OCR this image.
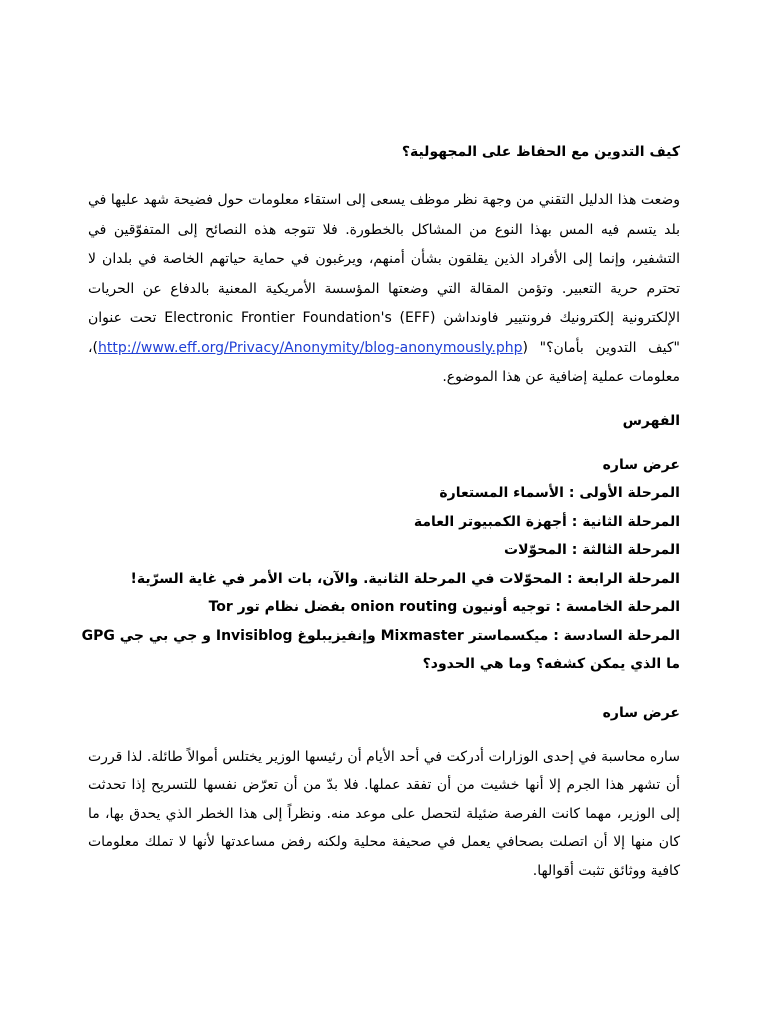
كيف التدوين مع الحفاظ على المجهولية؟

وضعت هذا الدليل التقني من وجهة نظر موظف يسعى إلى استقاء معلومات حول فضيحة شهد عليها في بلد يتسم فيه المس بهذا النوع من المشاكل بالخطورة. فلا تتوجه هذه النصائح إلى المتفوّقين في التشفير، وإنما إلى الأفراد الذين يقلقون بشأن أمنهم، ويرغبون في حماية حياتهم الخاصة في بلدان لا تحترم حرية التعبير. وتؤمن المقالة التي وضعتها المؤسسة الأمريكية المعنية بالدفاع عن الحريات الإلكترونية إلكترونيك فرونتيير فاونداشن Electronic Frontier Foundation's (EFF) تحت عنوان "كيف التدوين بأمان؟" (http://www.eff.org/Privacy/Anonymity/blog-anonymously.php)، معلومات عملية إضافية عن هذا الموضوع.

الفهرس
عرض ساره
المرحلة الأولى : الأسماء المستعارة
المرحلة الثانية : أجهزة الكمبيوتر العامة
المرحلة الثالثة : المحوّلات
المرحلة الرابعة : المحوّلات في المرحلة الثانية. والآن، بات الأمر في غاية السرّية!
المرحلة الخامسة : توجيه أونيون onion routing بفضل نظام تور Tor
المرحلة السادسة : ميكسماستر Mixmaster وإنفيزيبلوغ Invisiblog و جي بي جي GPG
ما الذي يمكن كشفه؟ وما هي الحدود؟
عرض ساره

ساره محاسبة في إحدى الوزارات أدركت في أحد الأيام أن رئيسها الوزير يختلس أموالاً طائلة. لذا قررت أن تشهر هذا الجرم إلا أنها خشيت من أن تفقد عملها. فلا بدّ من أن تعرّض نفسها للتسريح إذا تحدثت إلى الوزير، مهما كانت الفرصة ضئيلة لتحصل على موعد منه. ونظراً إلى هذا الخطر الذي يحدق بها، ما كان منها إلا أن اتصلت بصحافي يعمل في صحيفة محلية ولكنه رفض مساعدتها لأنها لا تملك معلومات كافية ووثائق تثبت أقوالها.
